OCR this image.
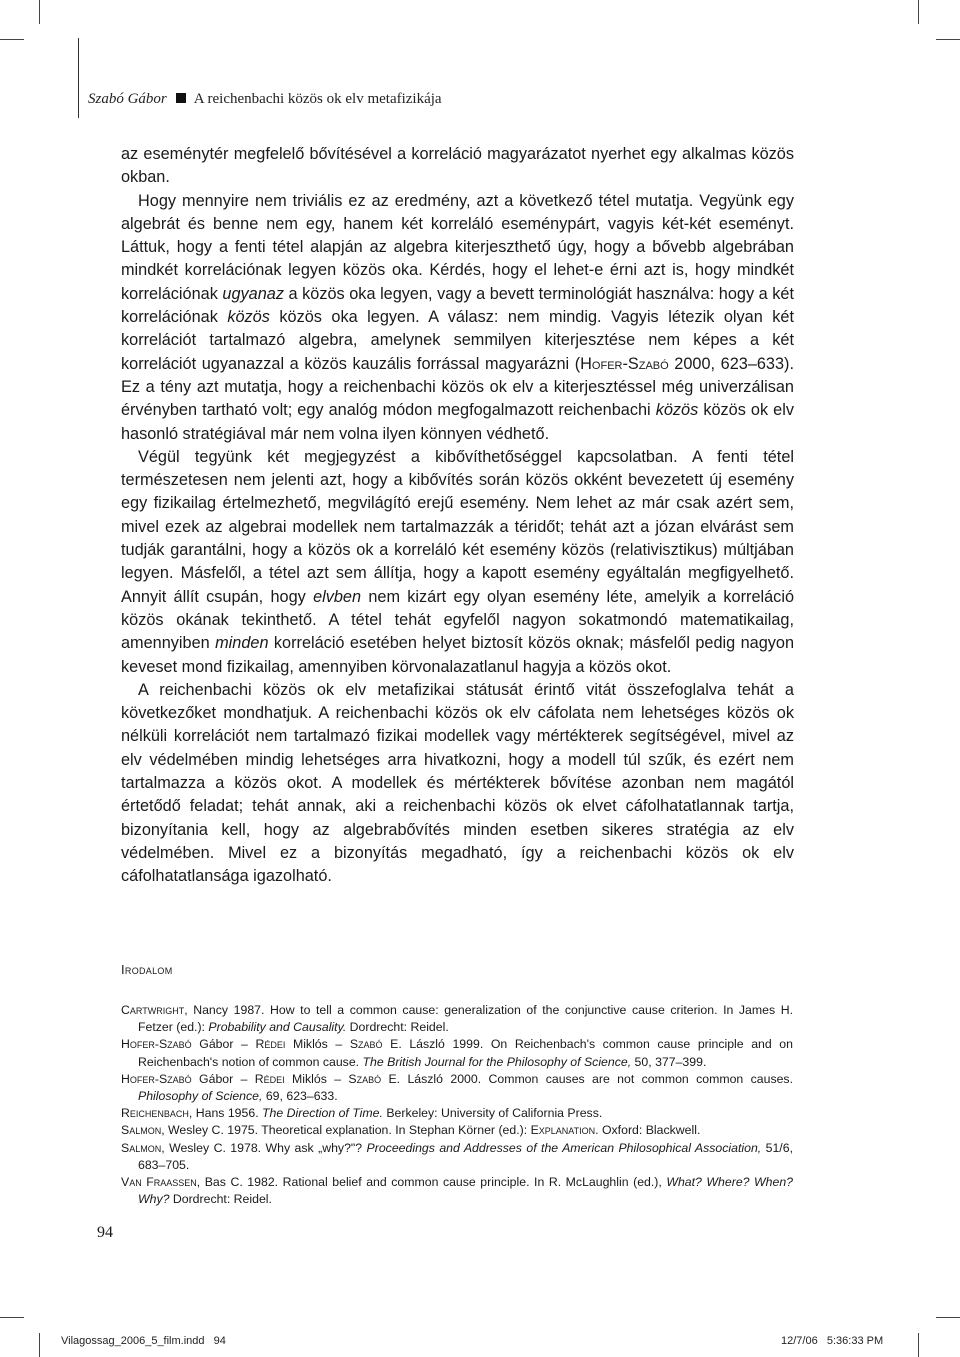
Szabó Gábor A reichenbachi közös ok elv metafizikája

az eseménytér megfelelő bővítésével a korreláció magyarázatot nyerhet egy alkalmas közös okban.

Hogy mennyire nem triviális ez az eredmény, azt a következő tétel mutatja. Vegyünk egy algebrát és benne nem egy, hanem két korreláló eseménypárt, vagyis két-két eseményt. Láttuk, hogy a fenti tétel alapján az algebra kiterjeszthető úgy, hogy a bővebb algebrában mindkét korrelációnak legyen közös oka. Kérdés, hogy el lehet-e érni azt is, hogy mindkét korrelációnak ugyanaz a közös oka legyen, vagy a bevett terminológiát használva: hogy a két korrelációnak közös közös oka legyen. A válasz: nem mindig. Vagyis létezik olyan két korrelációt tartalmazó algebra, amelynek semmilyen kiterjesztése nem képes a két korrelációt ugyanazzal a közös kauzális forrással magyarázni (Hofer-Szabó 2000, 623–633). Ez a tény azt mutatja, hogy a reichenbachi közös ok elv a kiterjesztéssel még univerzálisan érvényben tartható volt; egy analóg módon megfogalmazott reichenbachi közös közös ok elv hasonló stratégiával már nem volna ilyen könnyen védhető.

Végül tegyünk két megjegyzést a kibővíthetőséggel kapcsolatban. A fenti tétel természetesen nem jelenti azt, hogy a kibővítés során közös okként bevezetett új esemény egy fizikailag értelmezhető, megvilágító erejű esemény. Nem lehet az már csak azért sem, mivel ezek az algebrai modellek nem tartalmazzák a téridőt; tehát azt a józan elvárást sem tudják garantálni, hogy a közös ok a korreláló két esemény közös (relativisztikus) múltjában legyen. Másfelől, a tétel azt sem állítja, hogy a kapott esemény egyáltalán megfigyelhető. Annyit állít csupán, hogy elvben nem kizárt egy olyan esemény léte, amelyik a korreláció közös okának tekinthető. A tétel tehát egyfelől nagyon sokatmondó matematikailag, amennyiben minden korreláció esetében helyet biztosít közös oknak; másfelől pedig nagyon keveset mond fizikailag, amennyiben körvonalazatlanul hagyja a közös okot.

A reichenbachi közös ok elv metafizikai státusát érintő vitát összefoglalva tehát a következőket mondhatjuk. A reichenbachi közös ok elv cáfolata nem lehetséges közös ok nélküli korrelációt nem tartalmazó fizikai modellek vagy mértékterek segítségével, mivel az elv védelmében mindig lehetséges arra hivatkozni, hogy a modell túl szűk, és ezért nem tartalmazza a közös okot. A modellek és mértékterek bővítése azonban nem magától értetődő feladat; tehát annak, aki a reichenbachi közös ok elvet cáfolhatatlannak tartja, bizonyítania kell, hogy az algebrabővítés minden esetben sikeres stratégia az elv védelmében. Mivel ez a bizonyítás megadható, így a reichenbachi közös ok elv cáfolhatatlansága igazolható.

Irodalom
Cartwright, Nancy 1987. How to tell a common cause: generalization of the conjunctive cause criterion. In James H. Fetzer (ed.): Probability and Causality. Dordrecht: Reidel.
Hofer-Szabó Gábor – Rédei Miklós – Szabó E. László 1999. On Reichenbach's common cause principle and on Reichenbach's notion of common cause. The British Journal for the Philosophy of Science, 50, 377–399.
Hofer-Szabó Gábor – Rédei Miklós – Szabó E. László 2000. Common causes are not common common causes. Philosophy of Science, 69, 623–633.
Reichenbach, Hans 1956. The Direction of Time. Berkeley: University of California Press.
Salmon, Wesley C. 1975. Theoretical explanation. In Stephan Körner (ed.): Explanation. Oxford: Blackwell.
Salmon, Wesley C. 1978. Why ask „why?"? Proceedings and Addresses of the American Philosophical Association, 51/6, 683–705.
Van Fraassen, Bas C. 1982. Rational belief and common cause principle. In R. McLaughlin (ed.), What? Where? When? Why? Dordrecht: Reidel.
94
Vilagossag_2006_5_film.indd   94	12/7/06   5:36:33 PM
